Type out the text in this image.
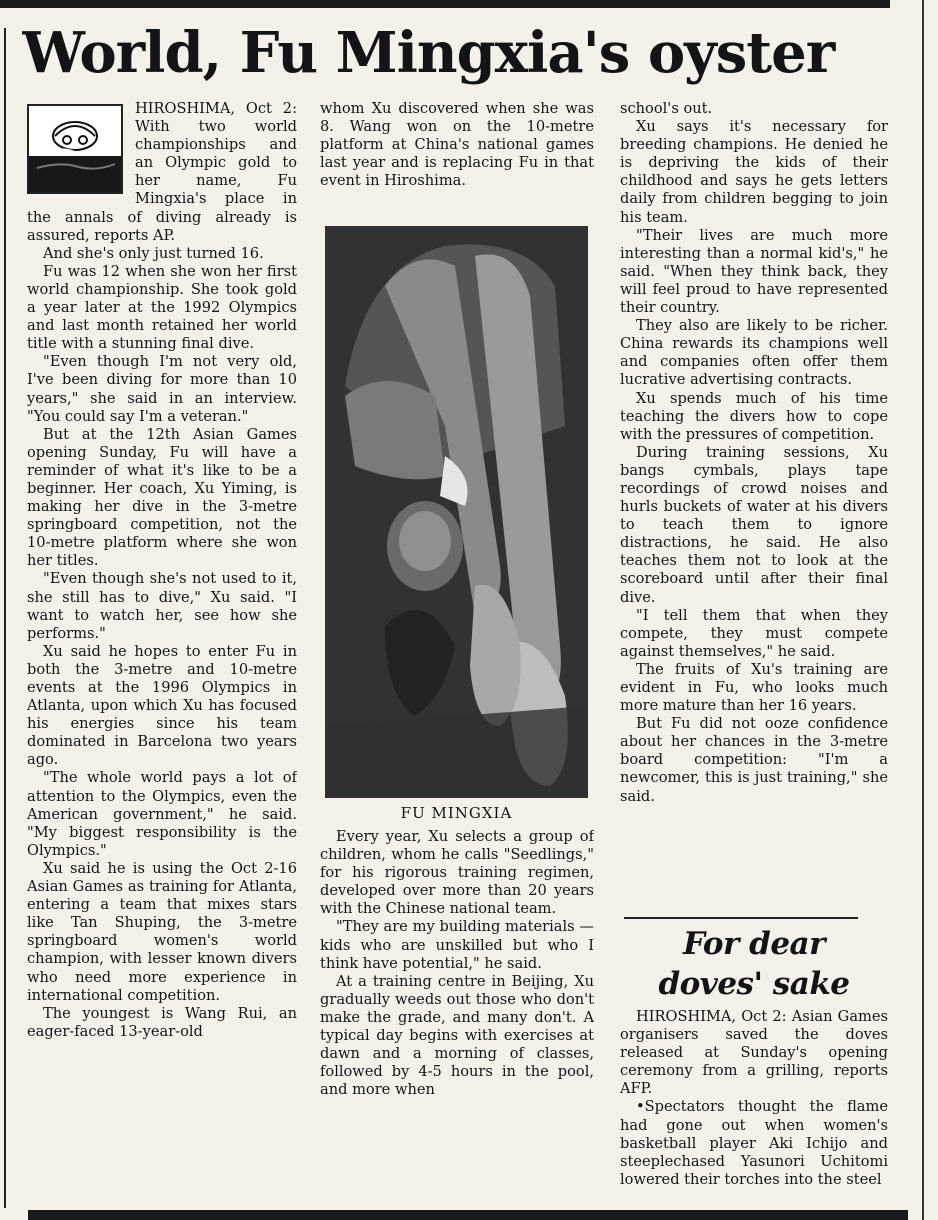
World, Fu Mingxia's oyster

HIROSHIMA, Oct 2: With two world championships and an Olympic gold to her name, Fu Mingxia's place in the annals of diving already is assured, reports AP.

And she's only just turned 16.

Fu was 12 when she won her first world championship. She took gold a year later at the 1992 Olympics and last month retained her world title with a stunning final dive.

"Even though I'm not very old, I've been diving for more than 10 years," she said in an interview. "You could say I'm a veteran."

But at the 12th Asian Games opening Sunday, Fu will have a reminder of what it's like to be a beginner. Her coach, Xu Yiming, is making her dive in the 3-metre springboard competition, not the 10-metre platform where she won her titles.

"Even though she's not used to it, she still has to dive," Xu said. "I want to watch her, see how she performs."

Xu said he hopes to enter Fu in both the 3-metre and 10-metre events at the 1996 Olympics in Atlanta, upon which Xu has focused his energies since his team dominated in Barcelona two years ago.

"The whole world pays a lot of attention to the Olympics, even the American government," he said. "My biggest responsibility is the Olympics."

Xu said he is using the Oct 2-16 Asian Games as training for Atlanta, entering a team that mixes stars like Tan Shuping, the 3-metre springboard women's world champion, with lesser known divers who need more experience in international competition.

The youngest is Wang Rui, an eager-faced 13-year-old

whom Xu discovered when she was 8. Wang won on the 10-metre platform at China's national games last year and is replacing Fu in that event in Hiroshima.

FU MINGXIA

Every year, Xu selects a group of children, whom he calls "Seedlings," for his rigorous training regimen, developed over more than 20 years with the Chinese national team.

"They are my building materials — kids who are unskilled but who I think have potential," he said.

At a training centre in Beijing, Xu gradually weeds out those who don't make the grade, and many don't. A typical day begins with exercises at dawn and a morning of classes, followed by 4-5 hours in the pool, and more when

school's out.

Xu says it's necessary for breeding champions. He denied he is depriving the kids of their childhood and says he gets letters daily from children begging to join his team.

"Their lives are much more interesting than a normal kid's," he said. "When they think back, they will feel proud to have represented their country.

They also are likely to be richer. China rewards its champions well and companies often offer them lucrative advertising contracts.

Xu spends much of his time teaching the divers how to cope with the pressures of competition.

During training sessions, Xu bangs cymbals, plays tape recordings of crowd noises and hurls buckets of water at his divers to teach them to ignore distractions, he said. He also teaches them not to look at the scoreboard until after their final dive.

"I tell them that when they compete, they must compete against themselves," he said.

The fruits of Xu's training are evident in Fu, who looks much more mature than her 16 years.

But Fu did not ooze confidence about her chances in the 3-metre board competition: "I'm a newcomer, this is just training," she said.

For dear
doves' sake

HIROSHIMA, Oct 2: Asian Games organisers saved the doves released at Sunday's opening ceremony from a grilling, reports AFP.

•Spectators thought the flame had gone out when women's basketball player Aki Ichijo and steeplechased Yasunori Uchitomi lowered their torches into the steel
